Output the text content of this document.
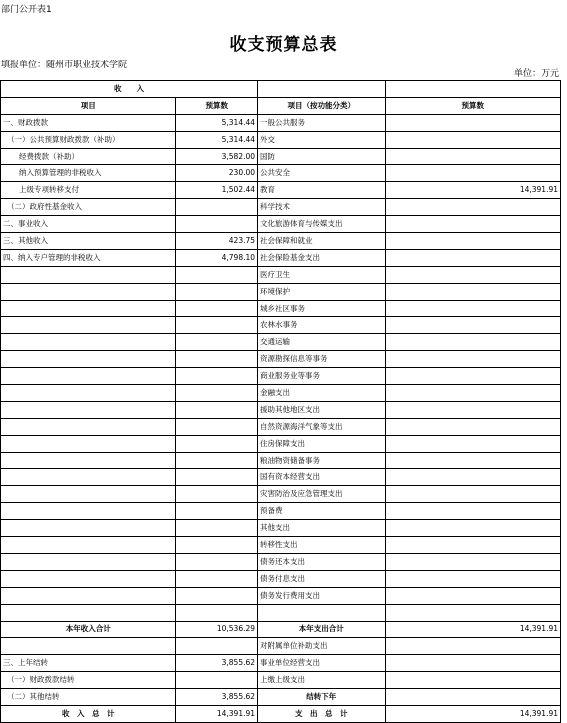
部门公开表1
收支预算总表
填报单位：随州市职业技术学院
单位：万元
收　　入			
项目	预算数	项目（按功能分类）	预算数
一、财政拨款	5,314.44	一般公共服务	
（一）公共预算财政拨款（补助）	5,314.44	外交	
经费拨款（补助）	3,582.00	国防	
纳入预算管理的非税收入	230.00	公共安全	
上级专项转移支付	1,502.44	教育	14,391.91
（二）政府性基金收入		科学技术	
二、事业收入		文化旅游体育与传媒支出	
三、其他收入	423.75	社会保障和就业	
四、纳入专户管理的非税收入	4,798.10	社会保险基金支出	
		医疗卫生	
		环境保护	
		城乡社区事务	
		农林水事务	
		交通运输	
		资源勘探信息等事务	
		商业服务业等事务	
		金融支出	
		援助其他地区支出	
		自然资源海洋气象等支出	
		住房保障支出	
		粮油物资储备事务	
		国有资本经营支出	
		灾害防治及应急管理支出	
		预备费	
		其他支出	
		转移性支出	
		债务还本支出	
		债务付息支出	
		债务发行费用支出	

本年收入合计	10,536.29	本年支出合计	14,391.91
		对附属单位补助支出	
三、上年结转	3,855.62	事业单位经营支出	
（一）财政拨款结转		上缴上级支出	
（二）其他结转	3,855.62	结转下年	
收　入　总　计	14,391.91	支　出　总　计	14,391.91
